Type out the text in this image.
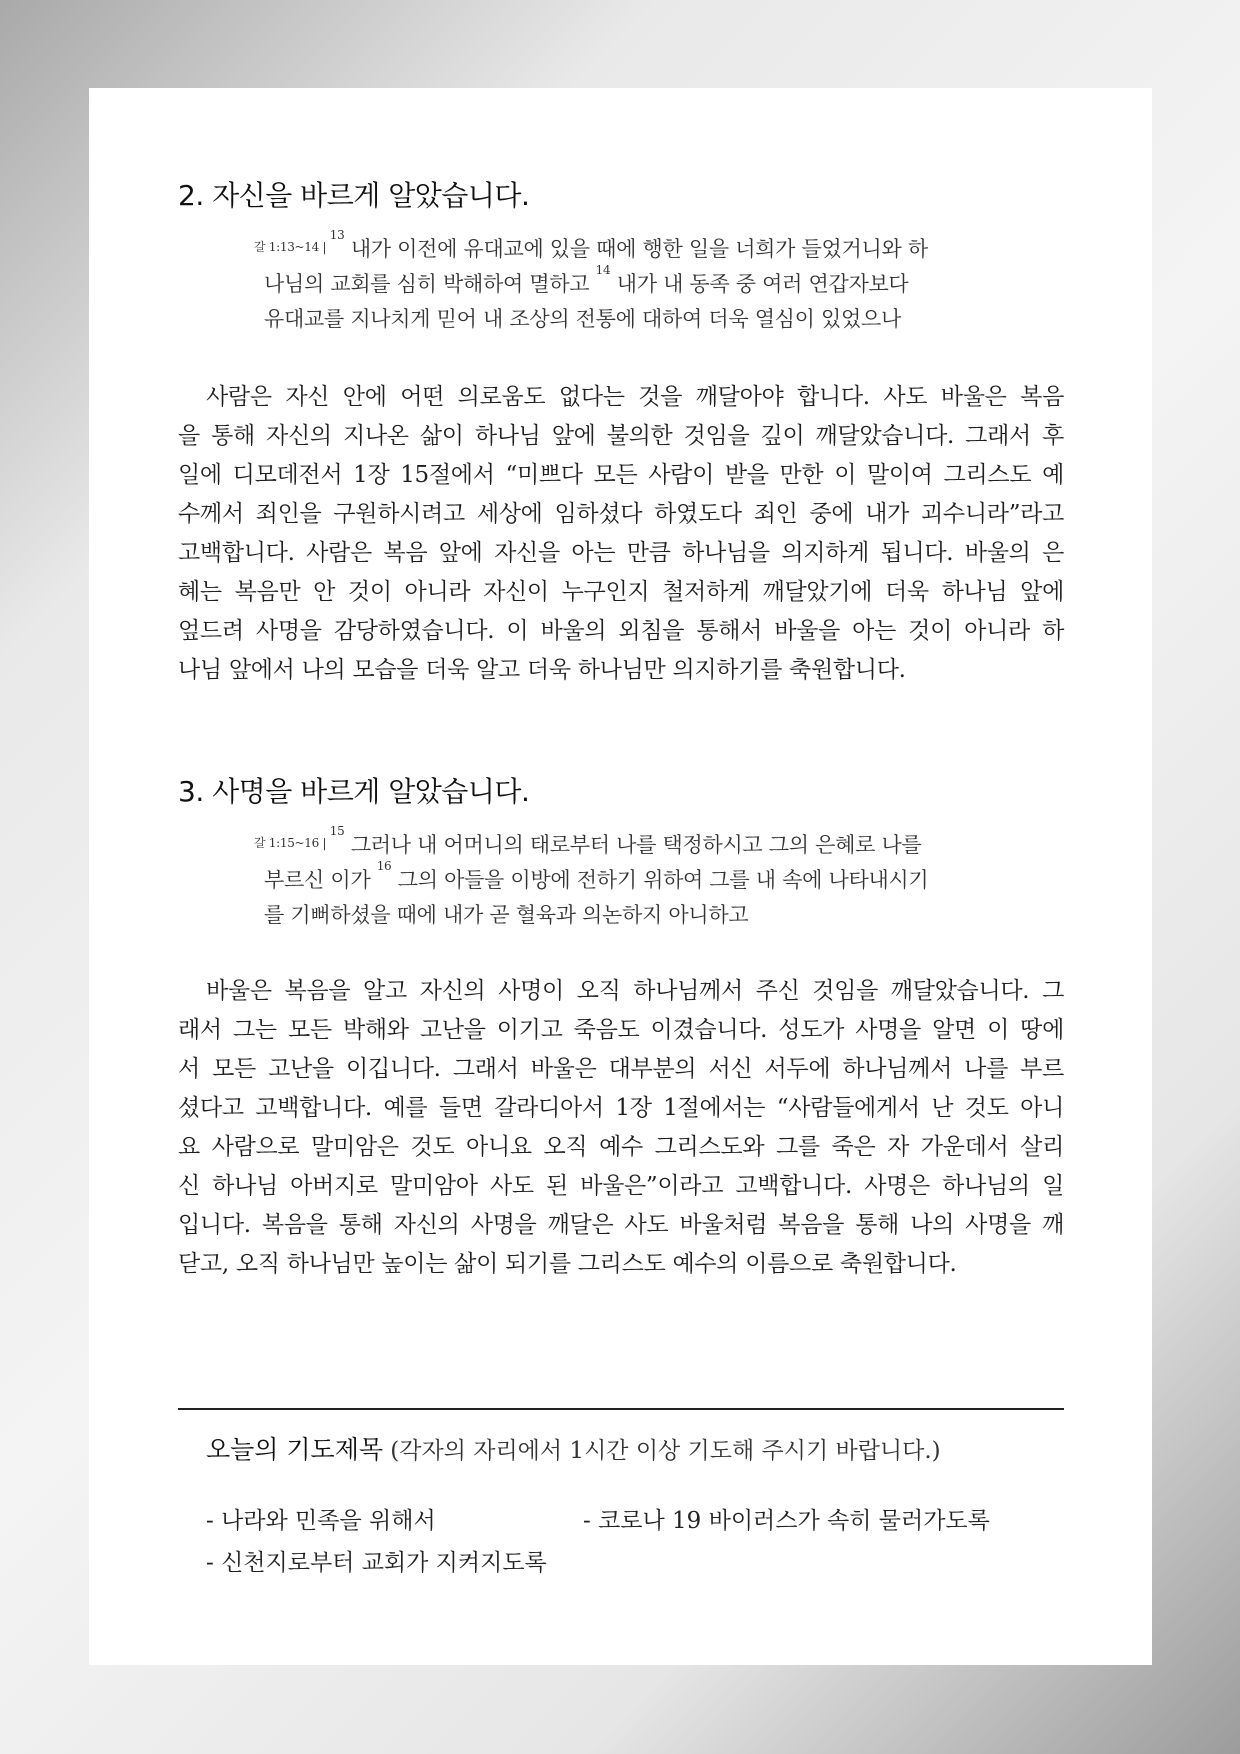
2. 자신을 바르게 알았습니다.
$^{갈 1:13\sim 14 |}$ $^{13}$ 내가 이전에 유대교에 있을 때에 행한 일을 너희가 들었거니와 하
나님의 교회를 심히 박해하여 멸하고 $^{14}$ 내가 내 동족 중 여러 연갑자보다
유대교를 지나치게 믿어 내 조상의 전통에 대하여 더욱 열심이 있었으나
사람은 자신 안에 어떤 의로움도 없다는 것을 깨달아야 합니다. 사도 바울은 복음
을 통해 자신의 지나온 삶이 하나님 앞에 불의한 것임을 깊이 깨달았습니다. 그래서 후
일에 디모데전서 1장 15절에서 “미쁘다 모든 사람이 받을 만한 이 말이여 그리스도 예
수께서 죄인을 구원하시려고 세상에 임하셨다 하였도다 죄인 중에 내가 괴수니라”라고
고백합니다. 사람은 복음 앞에 자신을 아는 만큼 하나님을 의지하게 됩니다. 바울의 은
혜는 복음만 안 것이 아니라 자신이 누구인지 철저하게 깨달았기에 더욱 하나님 앞에
엎드려 사명을 감당하였습니다. 이 바울의 외침을 통해서 바울을 아는 것이 아니라 하
나님 앞에서 나의 모습을 더욱 알고 더욱 하나님만 의지하기를 축원합니다.
3. 사명을 바르게 알았습니다.
$^{갈 1:15\sim 16 |}$ $^{15}$ 그러나 내 어머니의 태로부터 나를 택정하시고 그의 은혜로 나를
부르신 이가 $^{16}$ 그의 아들을 이방에 전하기 위하여 그를 내 속에 나타내시기
를 기뻐하셨을 때에 내가 곧 혈육과 의논하지 아니하고
바울은 복음을 알고 자신의 사명이 오직 하나님께서 주신 것임을 깨달았습니다. 그
래서 그는 모든 박해와 고난을 이기고 죽음도 이겼습니다. 성도가 사명을 알면 이 땅에
서 모든 고난을 이깁니다. 그래서 바울은 대부분의 서신 서두에 하나님께서 나를 부르
셨다고 고백합니다. 예를 들면 갈라디아서 1장 1절에서는 “사람들에게서 난 것도 아니
요 사람으로 말미암은 것도 아니요 오직 예수 그리스도와 그를 죽은 자 가운데서 살리
신 하나님 아버지로 말미암아 사도 된 바울은”이라고 고백합니다. 사명은 하나님의 일
입니다. 복음을 통해 자신의 사명을 깨달은 사도 바울처럼 복음을 통해 나의 사명을 깨
닫고, 오직 하나님만 높이는 삶이 되기를 그리스도 예수의 이름으로 축원합니다.
오늘의 기도제목 (각자의 자리에서 1시간 이상 기도해 주시기 바랍니다.)
- 나라와 민족을 위해서	- 코로나 19 바이러스가 속히 물러가도록
- 신천지로부터 교회가 지켜지도록
